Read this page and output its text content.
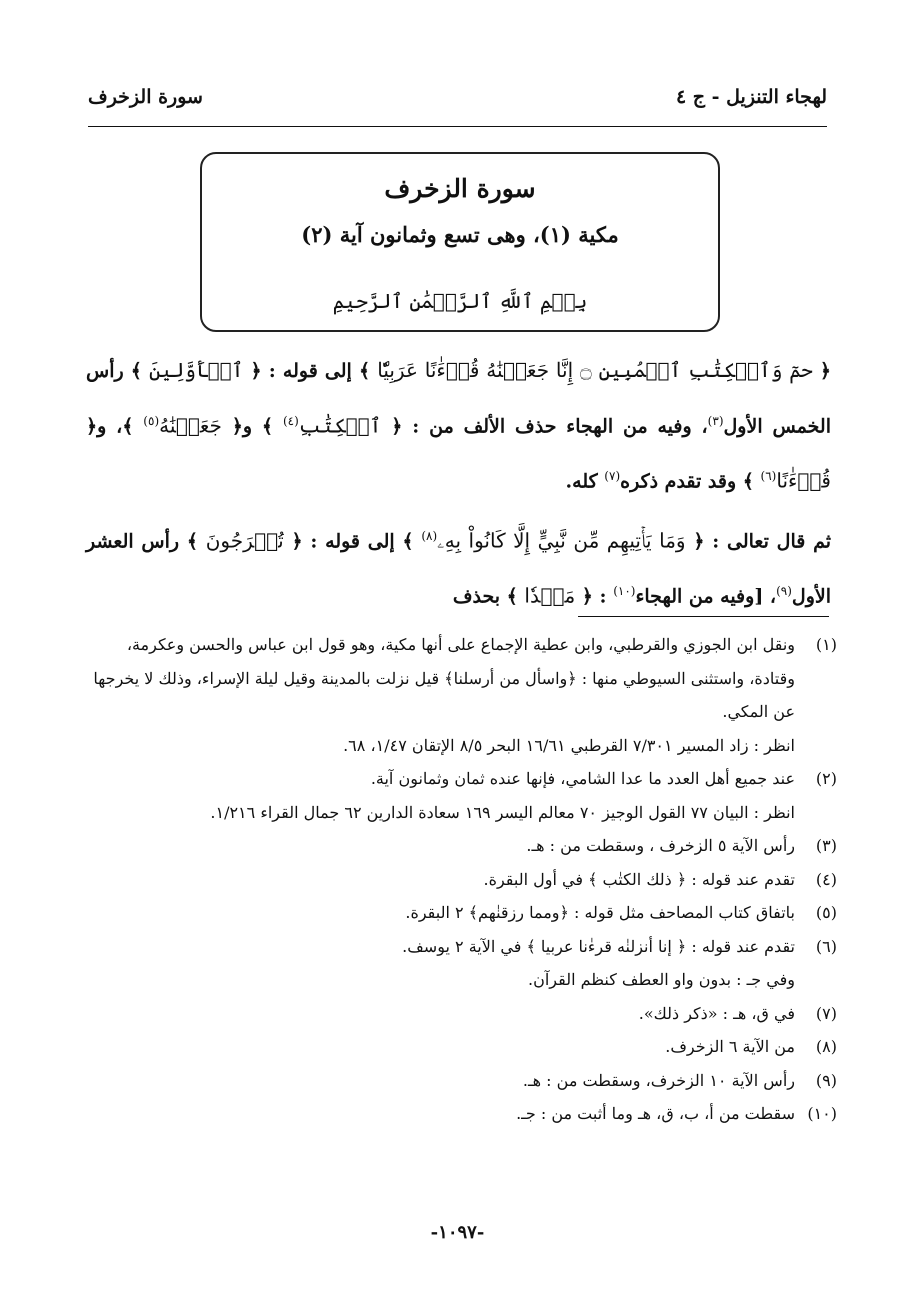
لهجاء التنزيل - ج ٤
سورة الزخرف
سورة الزخرف
مكية (١)، وهى تسع وثمانون آية (٢)
بِسۡمِ ٱللَّهِ ٱلرَّحۡمَٰنِ ٱلرَّحِيمِ

﴿ حمٓ وَٱلۡكِتَٰبِ ٱلۡمُبِينِ ۝ إِنَّا جَعَلۡنَٰهُ قُرۡءَٰنًا عَرَبِيّٗا ﴾ إلى قوله : ﴿ ٱلۡأَوَّلِينَ ﴾ رأس الخمس الأول$^{(٣)}$، وفيه من الهجاء حذف الألف من : ﴿ ٱلۡكِتَٰبِ$^{(٤)}$ ﴾ و﴿ جَعَلۡنَٰهُ$^{(٥)}$ ﴾، و﴿ قُرۡءَٰنًا$^{(٦)}$ ﴾ وقد تقدم ذكره$^{(٧)}$ كله.

ثم قال تعالى : ﴿ وَمَا يَأۡتِيهِم مِّن نَّبِيٍّ إِلَّا كَانُواْ بِهِۦ$^{(٨)}$ ﴾ إلى قوله : ﴿ تُخۡرَجُونَ ﴾ رأس العشر الأول$^{(٩)}$، [وفيه من الهجاء$^{(١٠)}$ : ﴿ مَهۡدٗا ﴾ بحذف

(١)
ونقل ابن الجوزي والقرطبي، وابن عطية الإجماع على أنها مكية، وهو قول ابن عباس والحسن وعكرمة، وقتادة، واستثنى السيوطي منها : ﴿واسأل من أرسلنا﴾ قيل نزلت بالمدينة وقيل ليلة الإسراء، وذلك لا يخرجها عن المكي.
انظر : زاد المسير ٧/٣٠١ القرطبي ١٦/٦١ البحر ٨/٥ الإتقان ١/٤٧، ٦٨.
(٢)
عند جميع أهل العدد ما عدا الشامي، فإنها عنده ثمان وثمانون آية.
انظر : البيان ٧٧ القول الوجيز ٧٠ معالم اليسر ١٦٩ سعادة الدارين ٦٢ جمال القراء ١/٢١٦.
(٣)
رأس الآية ٥ الزخرف ، وسقطت من : هـ.
(٤)
تقدم عند قوله : ﴿ ذلك الكتٰب ﴾ في أول البقرة.
(٥)
باتفاق كتاب المصاحف مثل قوله : ﴿ومما رزقنٰهم﴾ ٢ البقرة.
(٦)
تقدم عند قوله : ﴿ إنا أنزلنٰه قرءٰنا عربيا ﴾ في الآية ٢ يوسف.
وفي جـ : بدون واو العطف كنظم القرآن.
(٧)
في ق، هـ : «ذكر ذلك».
(٨)
من الآية ٦ الزخرف.
(٩)
رأس الآية ١٠ الزخرف، وسقطت من : هـ.
(١٠)
سقطت من أ، ب، ق، هـ وما أثبت من : جـ.
-١٠٩٧-
